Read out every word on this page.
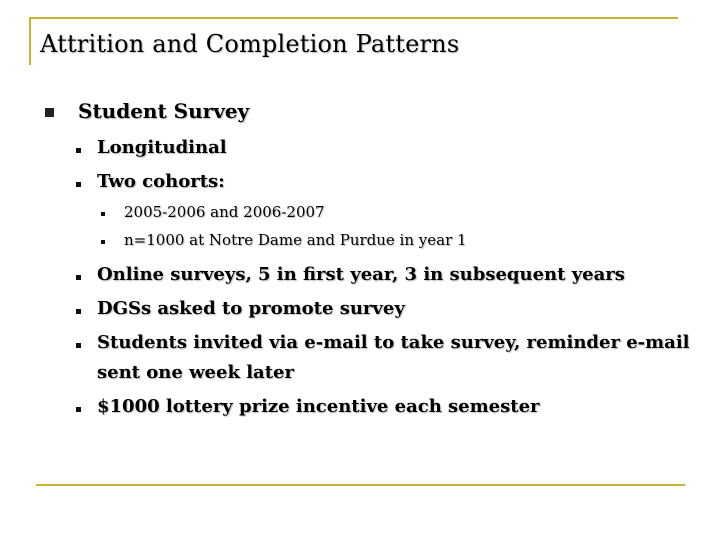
Attrition and Completion Patterns
Student Survey
Longitudinal
Two cohorts:
2005-2006 and 2006-2007
n=1000 at Notre Dame and Purdue in year 1
Online surveys, 5 in first year, 3 in subsequent years
DGSs asked to promote survey
Students invited via e-mail to take survey, reminder e-mail
sent one week later
$1000 lottery prize incentive each semester
